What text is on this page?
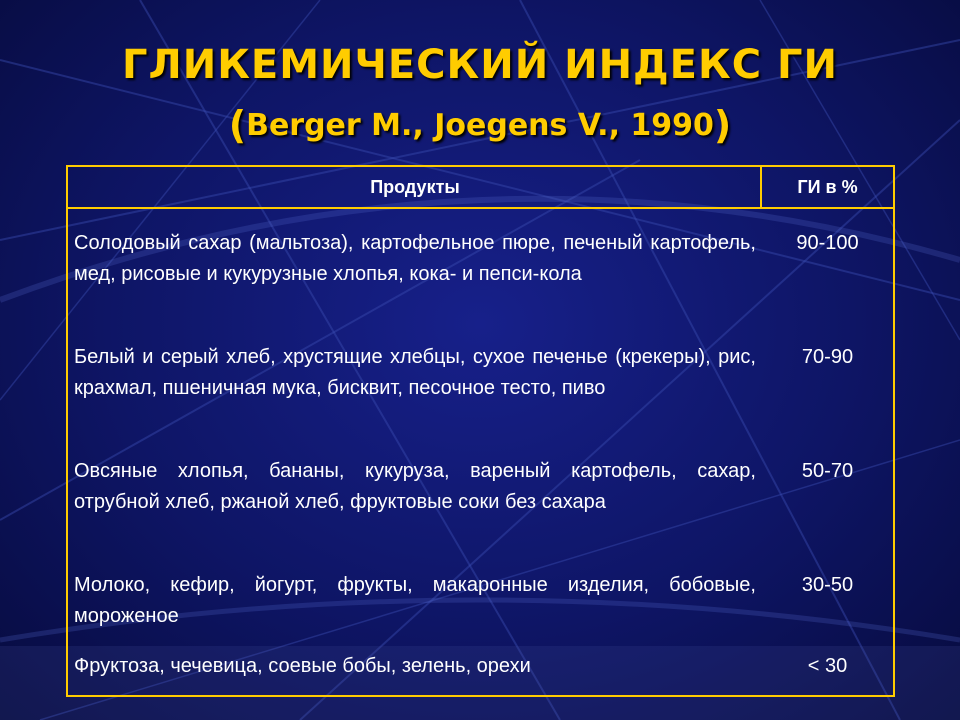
ГЛИКЕМИЧЕСКИЙ ИНДЕКС ГИ
(Berger M., Joegens V., 1990)
Продукты	ГИ в %
Солодовый сахар (мальтоза), картофельное пюре, печеный картофель, мед, рисовые и кукурузные хлопья, кока- и пепси-кола
90-100
Белый и серый хлеб, хрустящие хлебцы, сухое печенье (крекеры), рис, крахмал, пшеничная мука, бисквит, песочное тесто, пиво
70-90
Овсяные хлопья, бананы, кукуруза, вареный картофель, сахар, отрубной хлеб, ржаной хлеб, фруктовые соки без сахара
50-70
Молоко, кефир, йогурт, фрукты, макаронные изделия, бобовые, мороженое
30-50
Фруктоза, чечевица, соевые бобы, зелень, орехи	< 30
